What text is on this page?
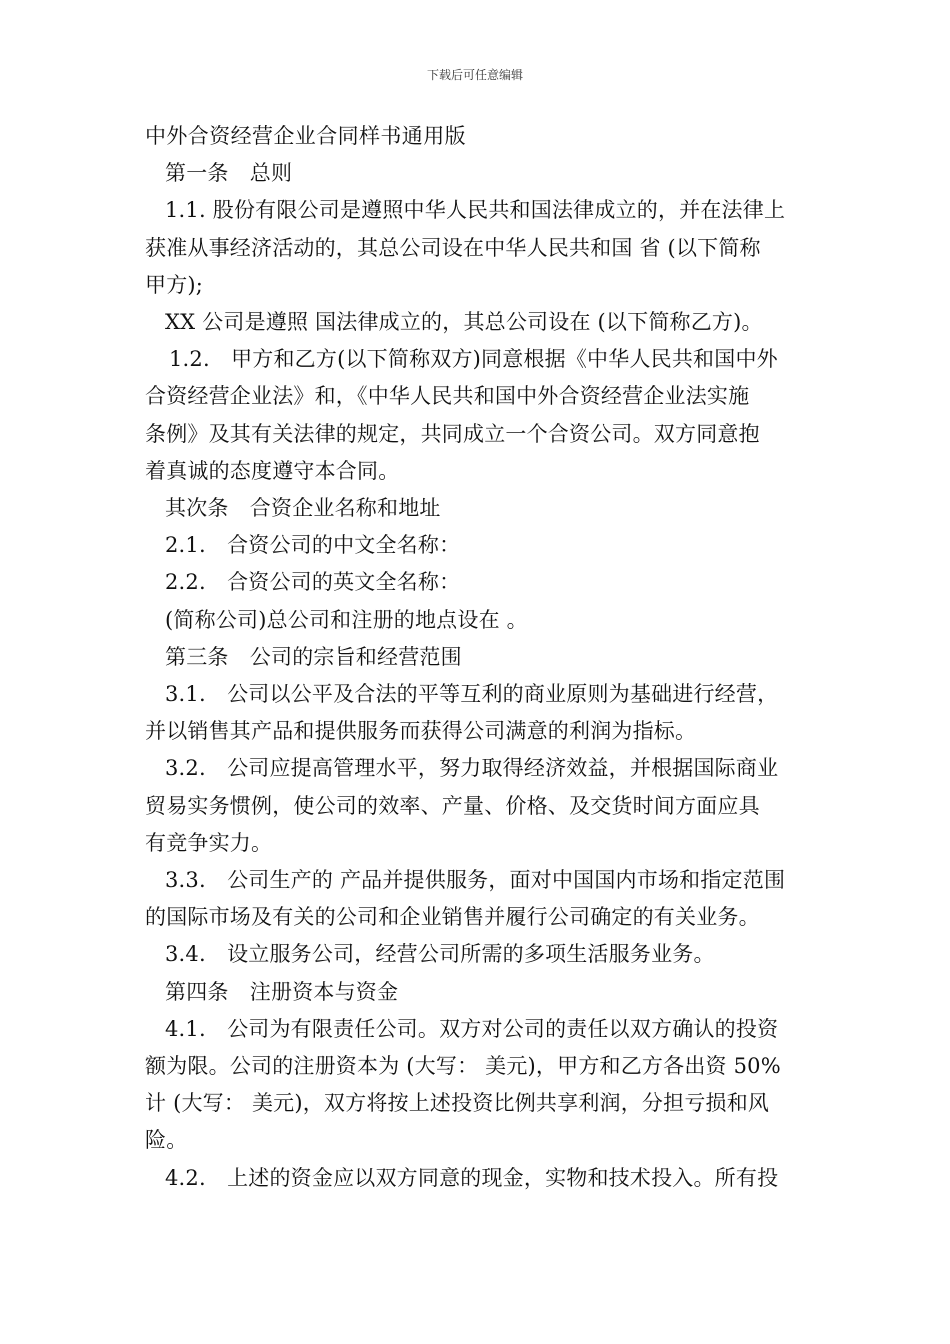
下载后可任意编辑
中外合资经营企业合同样书通用版
第一条　总则
1.1. 股份有限公司是遵照中华人民共和国法律成立的，并在法律上
获准从事经济活动的，其总公司设在中华人民共和国 省 (以下简称
甲方);
XX 公司是遵照 国法律成立的，其总公司设在 (以下简称乙方)。
1.2.　甲方和乙方(以下简称双方)同意根据《中华人民共和国中外
合资经营企业法》和，《中华人民共和国中外合资经营企业法实施
条例》及其有关法律的规定，共同成立一个合资公司。双方同意抱
着真诚的态度遵守本合同。
其次条　合资企业名称和地址
2.1.　合资公司的中文全名称：
2.2.　合资公司的英文全名称：
(简称公司)总公司和注册的地点设在 。
第三条　公司的宗旨和经营范围
3.1.　公司以公平及合法的平等互利的商业原则为基础进行经营，
并以销售其产品和提供服务而获得公司满意的利润为指标。
3.2.　公司应提高管理水平，努力取得经济效益，并根据国际商业
贸易实务惯例，使公司的效率、产量、价格、及交货时间方面应具
有竞争实力。
3.3.　公司生产的 产品并提供服务，面对中国国内市场和指定范围
的国际市场及有关的公司和企业销售并履行公司确定的有关业务。
3.4.　设立服务公司，经营公司所需的多项生活服务业务。
第四条　注册资本与资金
4.1.　公司为有限责任公司。双方对公司的责任以双方确认的投资
额为限。公司的注册资本为 (大写： 美元)，甲方和乙方各出资 50%
计 (大写： 美元)，双方将按上述投资比例共享利润，分担亏损和风
险。
4.2.　上述的资金应以双方同意的现金，实物和技术投入。所有投
